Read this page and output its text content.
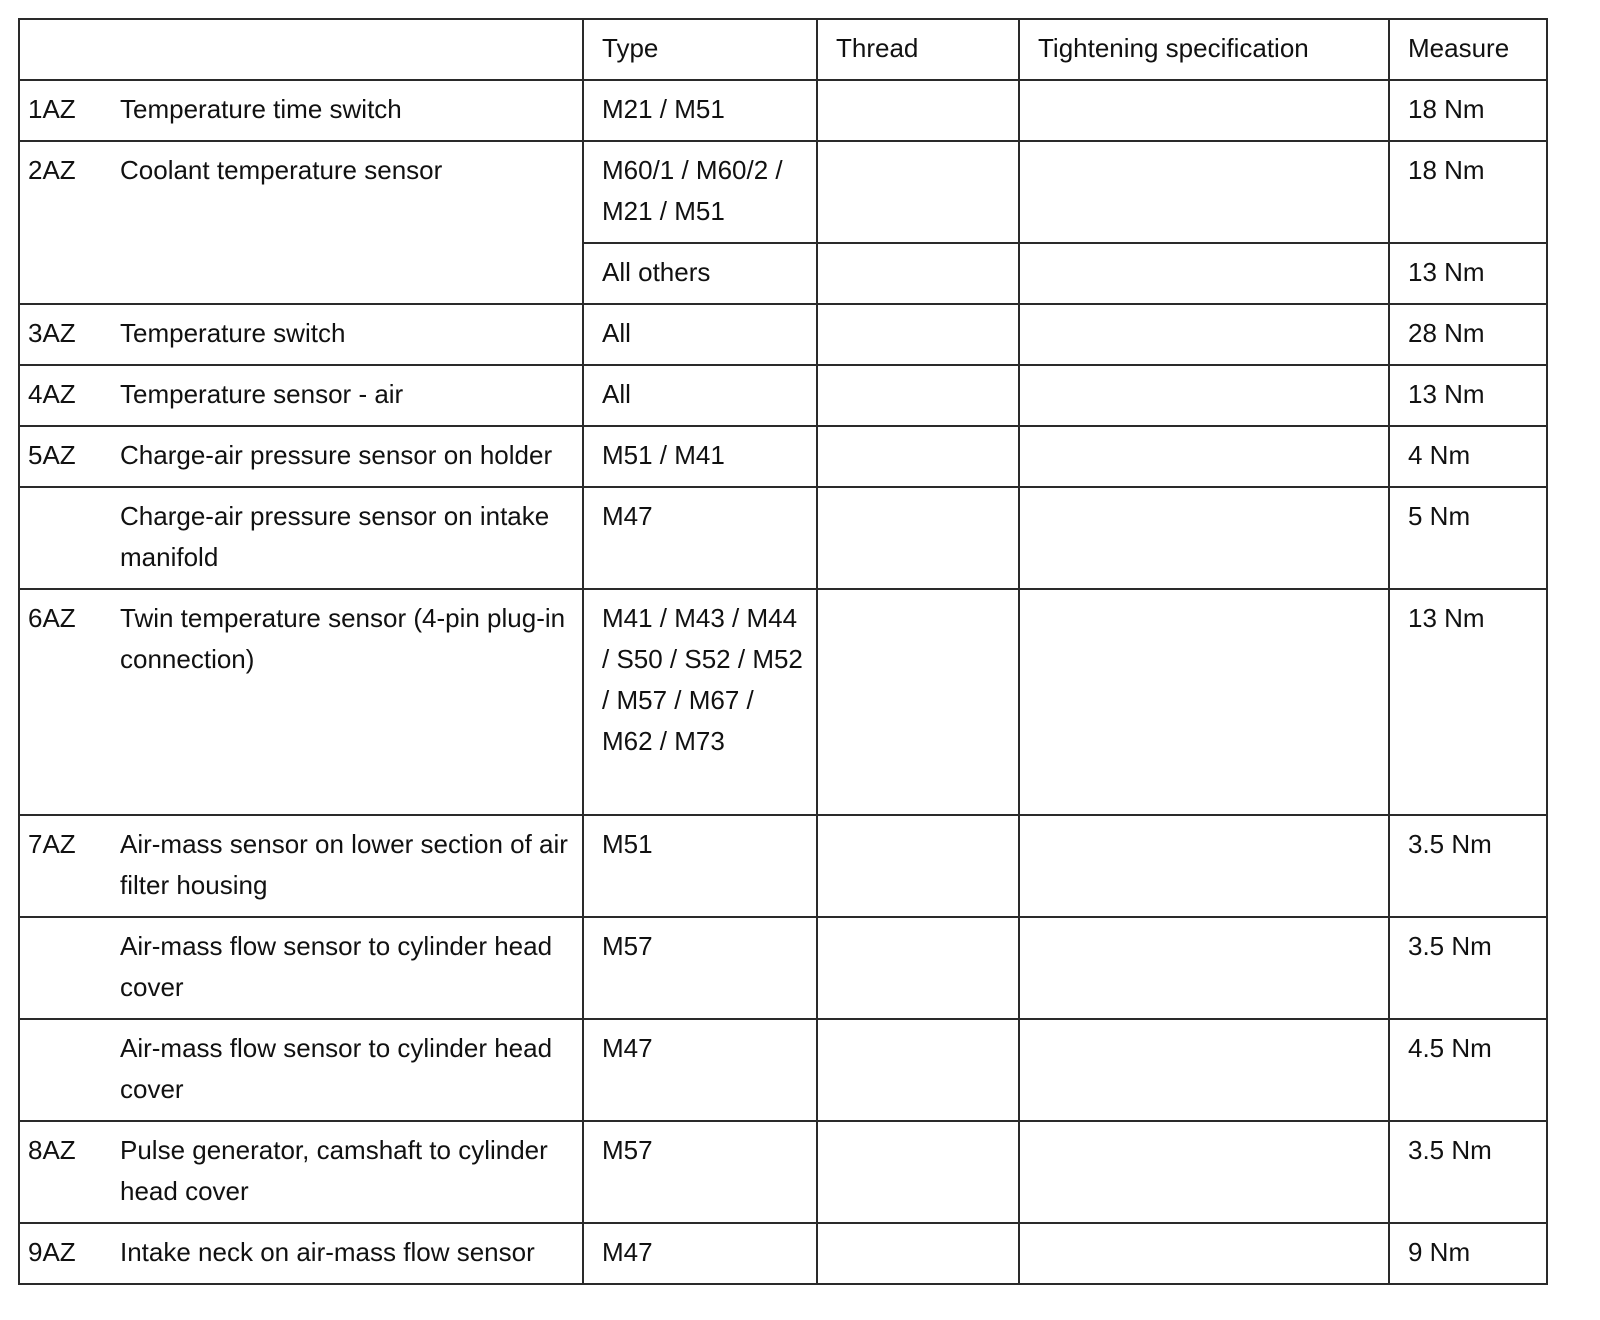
	Type	Thread	Tightening specification	Measure

1AZ Temperature time switch	M21 / M51			18 Nm

2AZ Coolant temperature sensor	M60/1 / M60/2 / M21 / M51			18 Nm
	All others			13 Nm

3AZ Temperature switch	All			28 Nm

4AZ Temperature sensor - air	All			13 Nm

5AZ Charge-air pressure sensor on holder	M51 / M41			4 Nm

Charge-air pressure sensor on intake manifold	M47			5 Nm

6AZ Twin temperature sensor (4-pin plug-in connection)	M41 / M43 / M44 / S50 / S52 / M52 / M57 / M67 / M62 / M73			13 Nm

7AZ Air-mass sensor on lower section of air filter housing	M51			3.5 Nm

Air-mass flow sensor to cylinder head cover	M57			3.5 Nm

Air-mass flow sensor to cylinder head cover	M47			4.5 Nm

8AZ Pulse generator, camshaft to cylinder head cover	M57			3.5 Nm

9AZ Intake neck on air-mass flow sensor	M47			9 Nm
